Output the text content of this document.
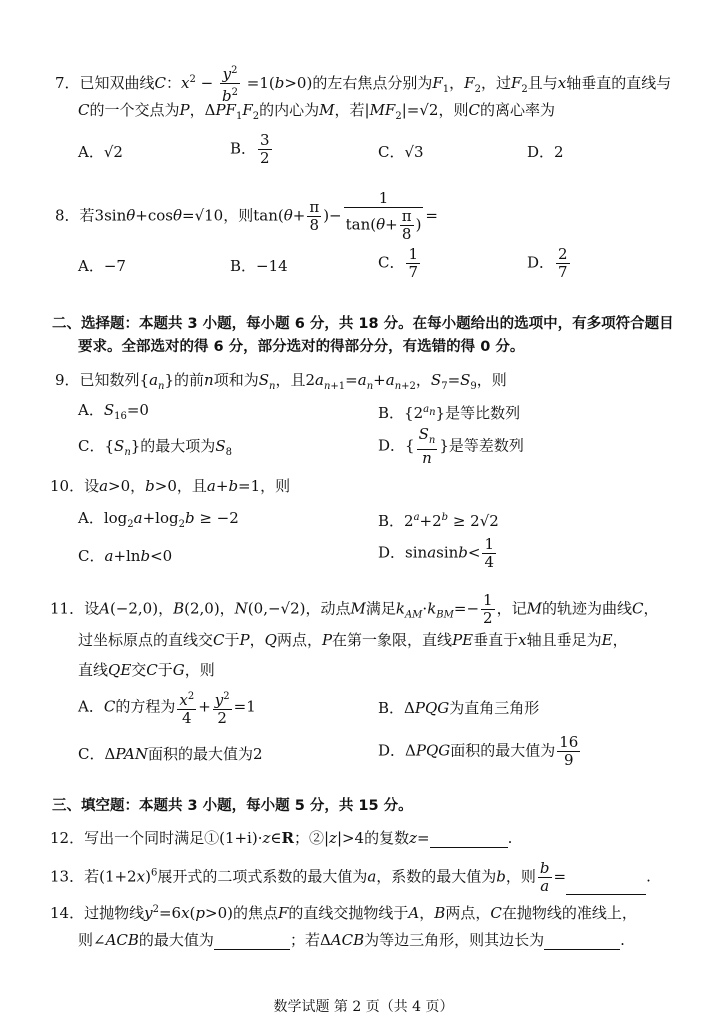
7．已知双曲线C：$x^2 - \frac{y^2}{b^2} =1(b>0)$的左右焦点分别为$F_1$，$F_2$，过$F_2$且与x轴垂直的直线与
C的一个交点为P，$\Delta PF_1F_2$的内心为M，若$|MF_2|=√2$，则C的离心率为
A．√2	B． $\frac{3}{2}$	C．√3	D．2
8．若3sinθ+cosθ=√10，则$\tan(\theta+ \frac{\pi}{8}$ )− $\frac{1}{\tan(\theta+ \frac{\pi}{8} )}$ =
A．−7	B．−14	C． $\frac{1}{7}$	D． $\frac{2}{7}$
二、选择题：本题共 3 小题，每小题 6 分，共 18 分。在每小题给出的选项中，有多项符合题目
要求。全部选对的得 6 分，部分选对的得部分分，有选错的得 0 分。
9．已知数列$\{a_n\}$的前n项和为$S_n$，且$2a_{n+1}=a_n+a_{n+2}$，$S_7=S_9$，则
A．$S_{16}=0$	B．$\{2^{a_n}\}$是等比数列
C．$\{S_n\}$的最大项为$S_8$	D．{ $\frac{S_n}{n}$ }是等差数列
10．设a>0，b>0，且a+b=1，则
A．$\log_2a+\log_2b \ge -2$	B．$2^a+2^b \ge 2√2$
C．a+lnb<0	D．sinasinb< $\frac{1}{4}$
11．设A(−2,0)，B(2,0)，N(0,−√2)，动点M满足$k_{AM}\cdot k_{BM}=- \frac{1}{2}$ ，记M的轨迹为曲线C，
过坐标原点的直线交C于P，Q两点，P在第一象限，直线PE垂直于x轴且垂足为E，
直线QE交C于G，则
A．C的方程为 $\frac{x^2}{4} + \frac{y^2}{2} =1$	B．ΔPQG为直角三角形
C．ΔPAN面积的最大值为2	D．ΔPQG面积的最大值为 $\frac{16}{9}$
三、填空题：本题共 3 小题，每小题 5 分，共 15 分。
12．写出一个同时满足①(1+i)·z∈R；②|z|>4的复数z=	.
13．若$(1+2x)^6$展开式的二项式系数的最大值为a，系数的最大值为b，则 $\frac{b}{a}$ =	.
14．过抛物线$y^2=6x(p>0)$的焦点F的直线交抛物线于A，B两点，C在抛物线的准线上，
则∠ACB的最大值为	；若ΔACB为等边三角形，则其边长为	.
数学试题 第 2 页（共 4 页）
